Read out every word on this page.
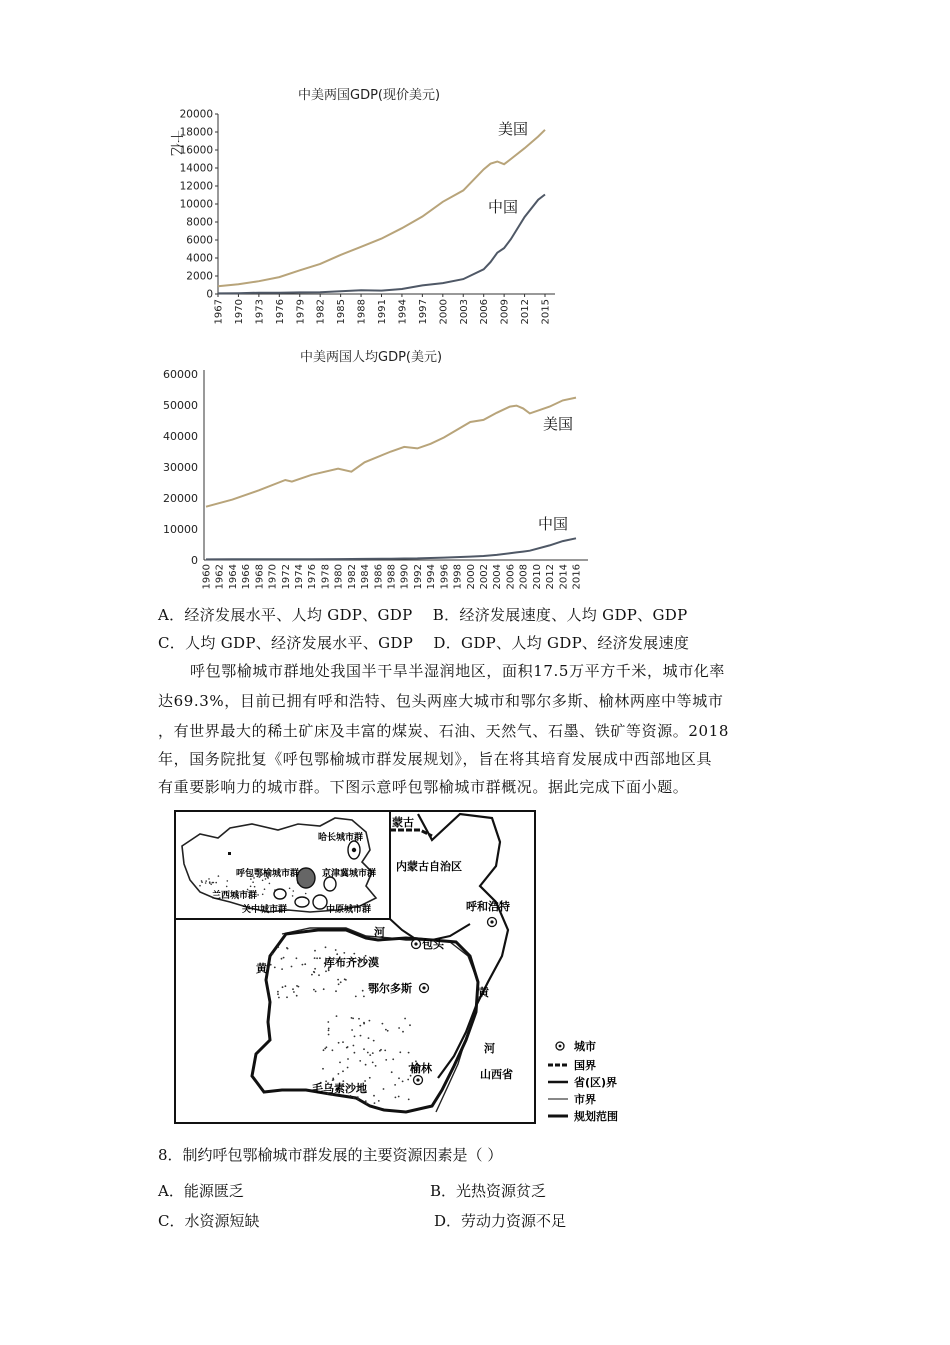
中美两国GDP(现价美元)
十亿
20000
18000
16000
14000
12000
10000
8000
6000
4000
2000
0
1967 1970 1973 1976 1979 1982 1985 1988 1991 1994 1997 2000 2003 2006 2009 2012 2015
美国
中国
中美两国人均GDP(美元)
60000
50000
40000
30000
20000
10000
0
1960 1962 1964 1966 1968 1970 1972 1974 1976 1978 1980 1982 1984 1986 1988 1990 1992 1994 1996 1998 2000 2002 2004 2006 2008 2010 2012 2014 2016
美国
中国
A．经济发展水平、人均 GDP、GDP    B．经济发展速度、人均 GDP、GDP
C．人均 GDP、经济发展水平、GDP    D．GDP、人均 GDP、经济发展速度
呼包鄂榆城市群地处我国半干旱半湿润地区，面积17.5万平方千米，城市化率
达69.3%，目前已拥有呼和浩特、包头两座大城市和鄂尔多斯、榆林两座中等城市
，有世界最大的稀土矿床及丰富的煤炭、石油、天然气、石墨、铁矿等资源。2018
年，国务院批复《呼包鄂榆城市群发展规划》，旨在将其培育发展成中西部地区具
有重要影响力的城市群。下图示意呼包鄂榆城市群概况。据此完成下面小题。
哈长城市群
呼包鄂榆城市群	京津冀城市群
兰西城市群
关中城市群	中原城市群
蒙古
内蒙古自治区
呼和浩特
包头
河
黄	库布齐沙漠
鄂尔多斯	黄
河
山西省
毛乌素沙地
榆林
城市
国界
省(区)界
市界
规划范围
8．制约呼包鄂榆城市群发展的主要资源因素是（ ）
A．能源匮乏	B．光热资源贫乏
C．水资源短缺	D．劳动力资源不足
